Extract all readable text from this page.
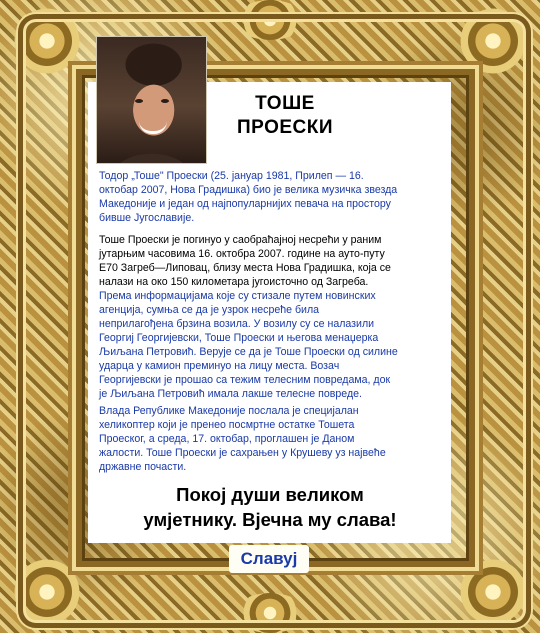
ТОШЕ
ПРОЕСКИ
Тодор „Тоше" Проески (25. јануар 1981, Прилеп — 16.
октобар 2007, Нова Градишка) био је велика музичка звезда
Македоније и један од најпопуларнијих певача на простору
бивше Југославије.
Тоше Проески је погинуо у саобраћајној несрећи у раним
јутарњим часовима 16. октобра 2007. године на ауто-путу
Е70 Загреб—Липовац, близу места Нова Градишка, која се
налази на око 150 километара југоисточно од Загреба.
Према информацијама које су стизале путем новинских
агенција, сумња се да је узрок несреће била
неприлагођена брзина возила. У возилу су се налазили
Георгиј Георгијевски, Тоше Проески и његова менаџерка
Љиљана Петровић. Верује се да је Тоше Проески од силине
ударца у камион преминуо на лицу места. Возач
Георгијевски је прошао са тежим телесним повредама, док
је Љиљана Петровић имала лакше телесне повреде.
Влада Републике Македоније послала је специјалан
хеликоптер који је пренео посмртне остатке Тошета
Проеског, а среда, 17. октобар, проглашен је Даном
жалости. Тоше Проески је сахрањен у Крушеву уз највеће
државне почасти.
Покој души великом
умјетнику. Вјечна му слава!
Славуј
